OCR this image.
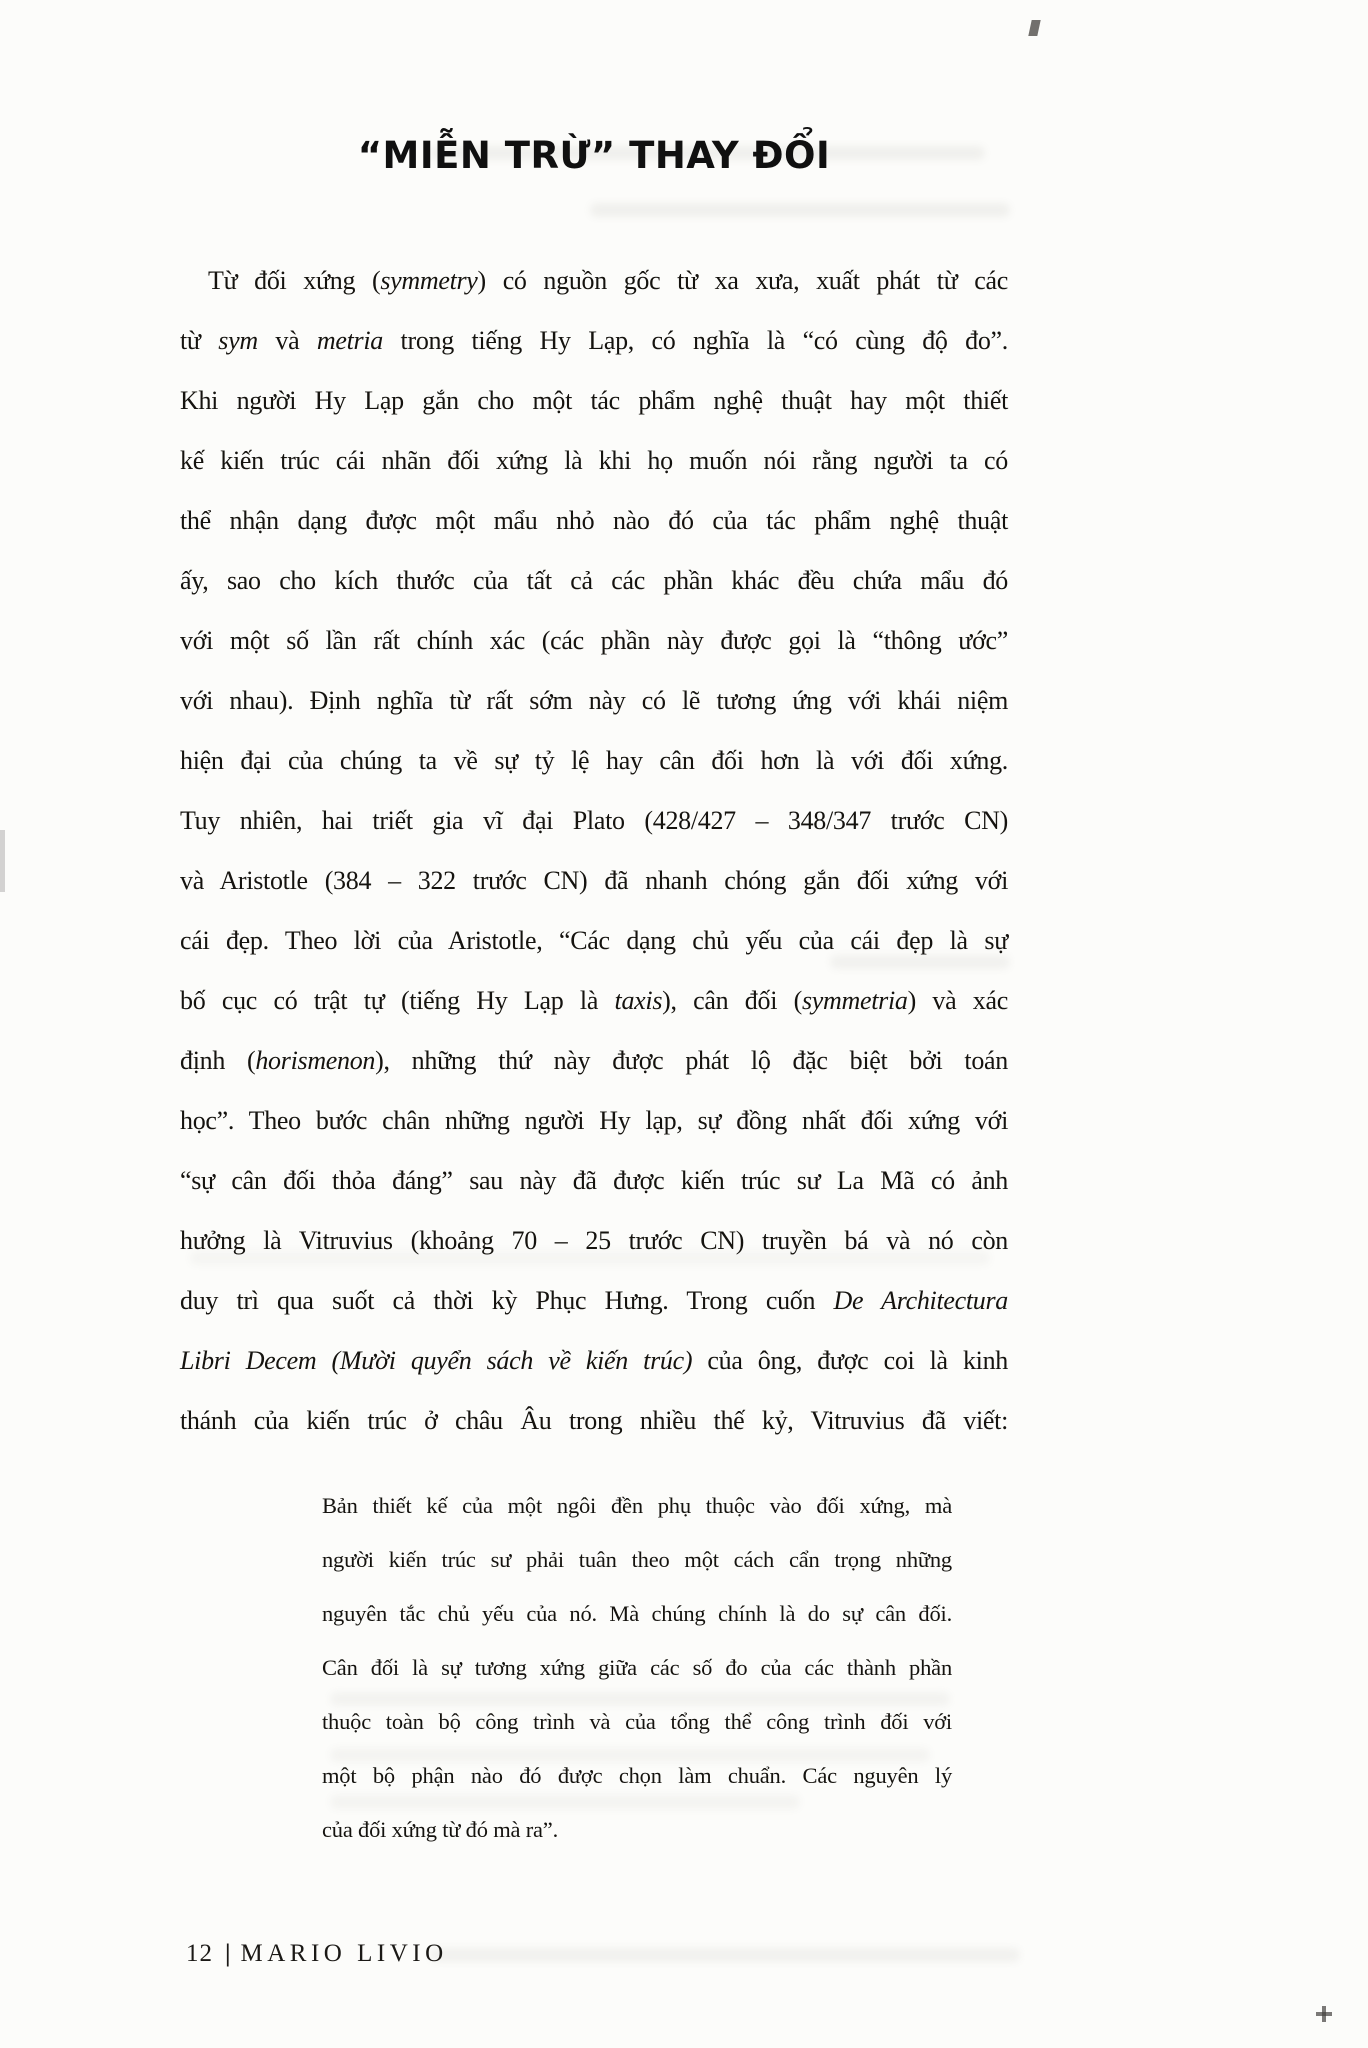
“MIỄN TRỪ” THAY ĐỔI
Từ đối xứng (symmetry) có nguồn gốc từ xa xưa, xuất phát từ các
từ sym và metria trong tiếng Hy Lạp, có nghĩa là “có cùng độ đo”.
Khi người Hy Lạp gắn cho một tác phẩm nghệ thuật hay một thiết
kế kiến trúc cái nhãn đối xứng là khi họ muốn nói rằng người ta có
thể nhận dạng được một mẩu nhỏ nào đó của tác phẩm nghệ thuật
ấy, sao cho kích thước của tất cả các phần khác đều chứa mẩu đó
với một số lần rất chính xác (các phần này được gọi là “thông ước”
với nhau). Định nghĩa từ rất sớm này có lẽ tương ứng với khái niệm
hiện đại của chúng ta về sự tỷ lệ hay cân đối hơn là với đối xứng.
Tuy nhiên, hai triết gia vĩ đại Plato (428/427 – 348/347 trước CN)
và Aristotle (384 – 322 trước CN) đã nhanh chóng gắn đối xứng với
cái đẹp. Theo lời của Aristotle, “Các dạng chủ yếu của cái đẹp là sự
bố cục có trật tự (tiếng Hy Lạp là taxis), cân đối (symmetria) và xác
định (horismenon), những thứ này được phát lộ đặc biệt bởi toán
học”. Theo bước chân những người Hy lạp, sự đồng nhất đối xứng với
“sự cân đối thỏa đáng” sau này đã được kiến trúc sư La Mã có ảnh
hưởng là Vitruvius (khoảng 70 – 25 trước CN) truyền bá và nó còn
duy trì qua suốt cả thời kỳ Phục Hưng. Trong cuốn De Architectura
Libri Decem (Mười quyển sách về kiến trúc) của ông, được coi là kinh
thánh của kiến trúc ở châu Âu trong nhiều thế kỷ, Vitruvius đã viết:
Bản thiết kế của một ngôi đền phụ thuộc vào đối xứng, mà
người kiến trúc sư phải tuân theo một cách cẩn trọng những
nguyên tắc chủ yếu của nó. Mà chúng chính là do sự cân đối.
Cân đối là sự tương xứng giữa các số đo của các thành phần
thuộc toàn bộ công trình và của tổng thể công trình đối với
một bộ phận nào đó được chọn làm chuẩn. Các nguyên lý
của đối xứng từ đó mà ra”.
12 | MARIO LIVIO
